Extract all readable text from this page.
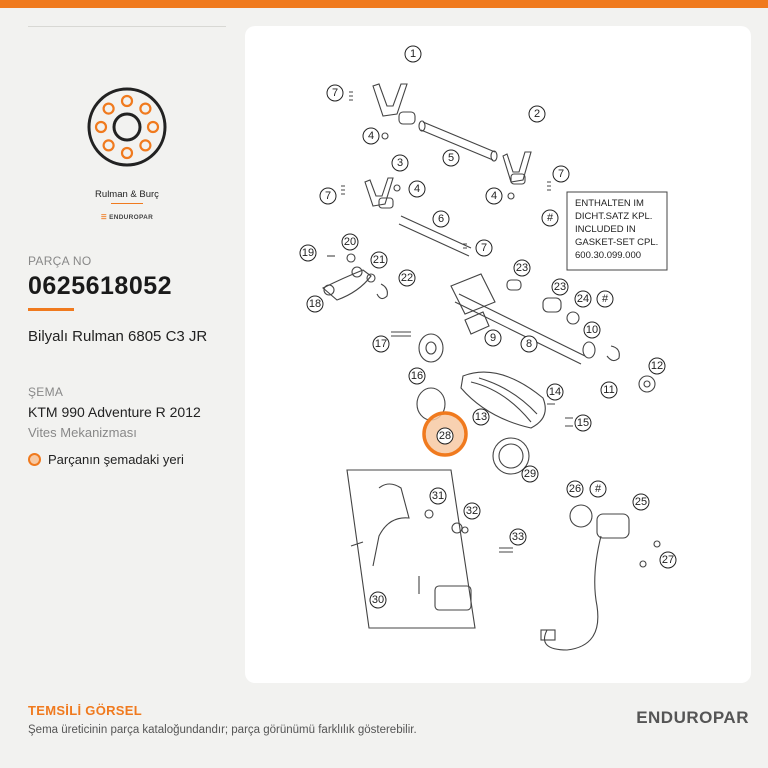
Rulman & Burç
☰ ENDUROPAR
PARÇA NO
0625618052
Bilyalı Rulman 6805 C3 JR
ŞEMA
KTM 990 Adventure R 2012
Vites Mekanizması
Parçanın şemadaki yeri
ENTHALTEN IM
DICHT.SATZ KPL.
INCLUDED IN
GASKET-SET CPL.
600.30.099.000
1
2
3
4
4
4
5
6
7
7
7
7
8
9
10
11
12
13
14
15
16
17
18
19
20
21
22
23
23
24
25
26
27
28
29
30
31
32
33
#
#
#
TEMSİLİ GÖRSEL
Şema üreticinin parça kataloğundandır; parça görünümü farklılık gösterebilir.
ENDUROPAR
